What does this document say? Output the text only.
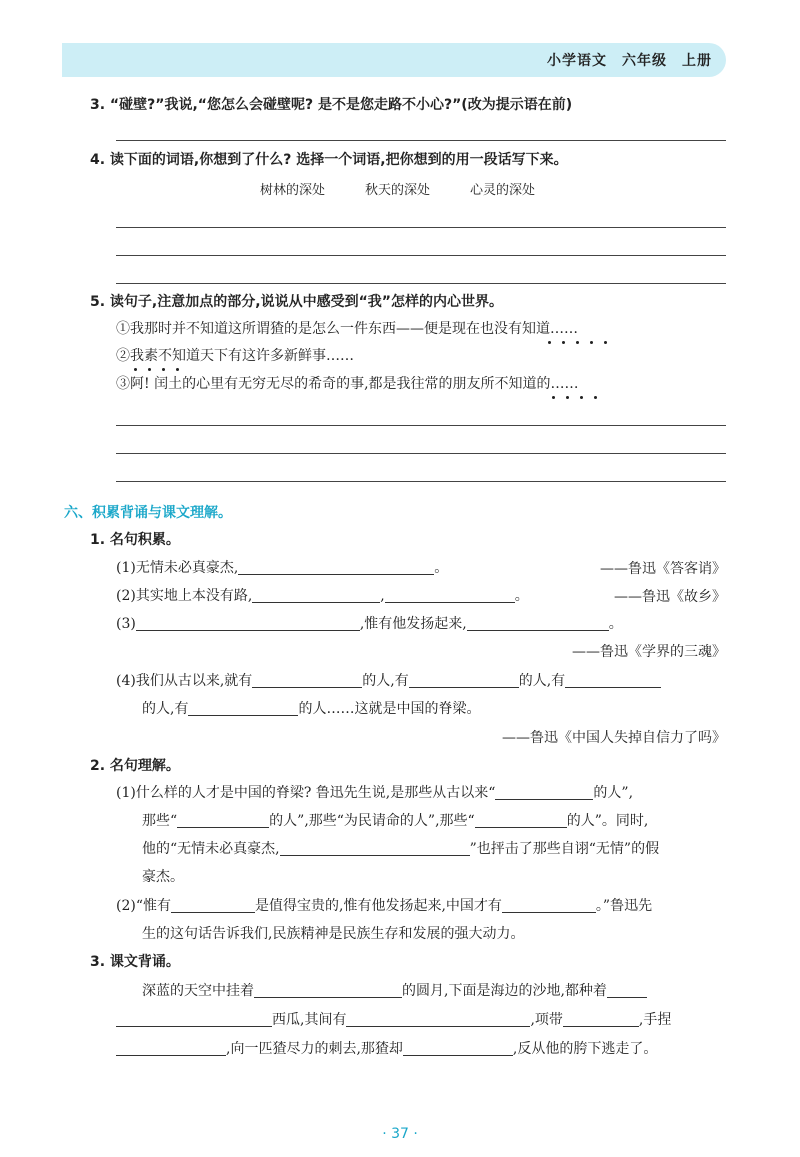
小学语文　六年级　上册
3. “碰壁?”我说,“您怎么会碰壁呢? 是不是您走路不小心?”(改为提示语在前)
4. 读下面的词语,你想到了什么? 选择一个词语,把你想到的用一段话写下来。
树林的深处	秋天的深处	心灵的深处
5. 读句子,注意加点的部分,说说从中感受到“我”怎样的内心世界。
①我那时并不知道这所谓猹的是怎么一件东西——便是现在也没有知道……
②我素不知道天下有这许多新鲜事……
③阿! 闰土的心里有无穷无尽的希奇的事,都是我往常的朋友所不知道的……
六、积累背诵与课文理解。
1. 名句积累。
(1)无情未必真豪杰,	。	——鲁迅《答客诮》
(2)其实地上本没有路,	,	。	——鲁迅《故乡》
(3)	,惟有他发扬起来,	。
——鲁迅《学界的三魂》
(4)我们从古以来,就有	的人,有	的人,有
的人,有	的人……这就是中国的脊梁。
——鲁迅《中国人失掉自信力了吗》
2. 名句理解。
(1)什么样的人才是中国的脊梁? 鲁迅先生说,是那些从古以来“	的人”,
那些“	的人”,那些“为民请命的人”,那些“	的人”。同时,
他的“无情未必真豪杰,	”也抨击了那些自诩“无情”的假
豪杰。
(2)“惟有	是值得宝贵的,惟有他发扬起来,中国才有	。”鲁迅先
生的这句话告诉我们,民族精神是民族生存和发展的强大动力。
3. 课文背诵。
深蓝的天空中挂着	的圆月,下面是海边的沙地,都种着
西瓜,其间有	,项带	,手捏
,向一匹猹尽力的刺去,那猹却	,反从他的胯下逃走了。
· 37 ·
